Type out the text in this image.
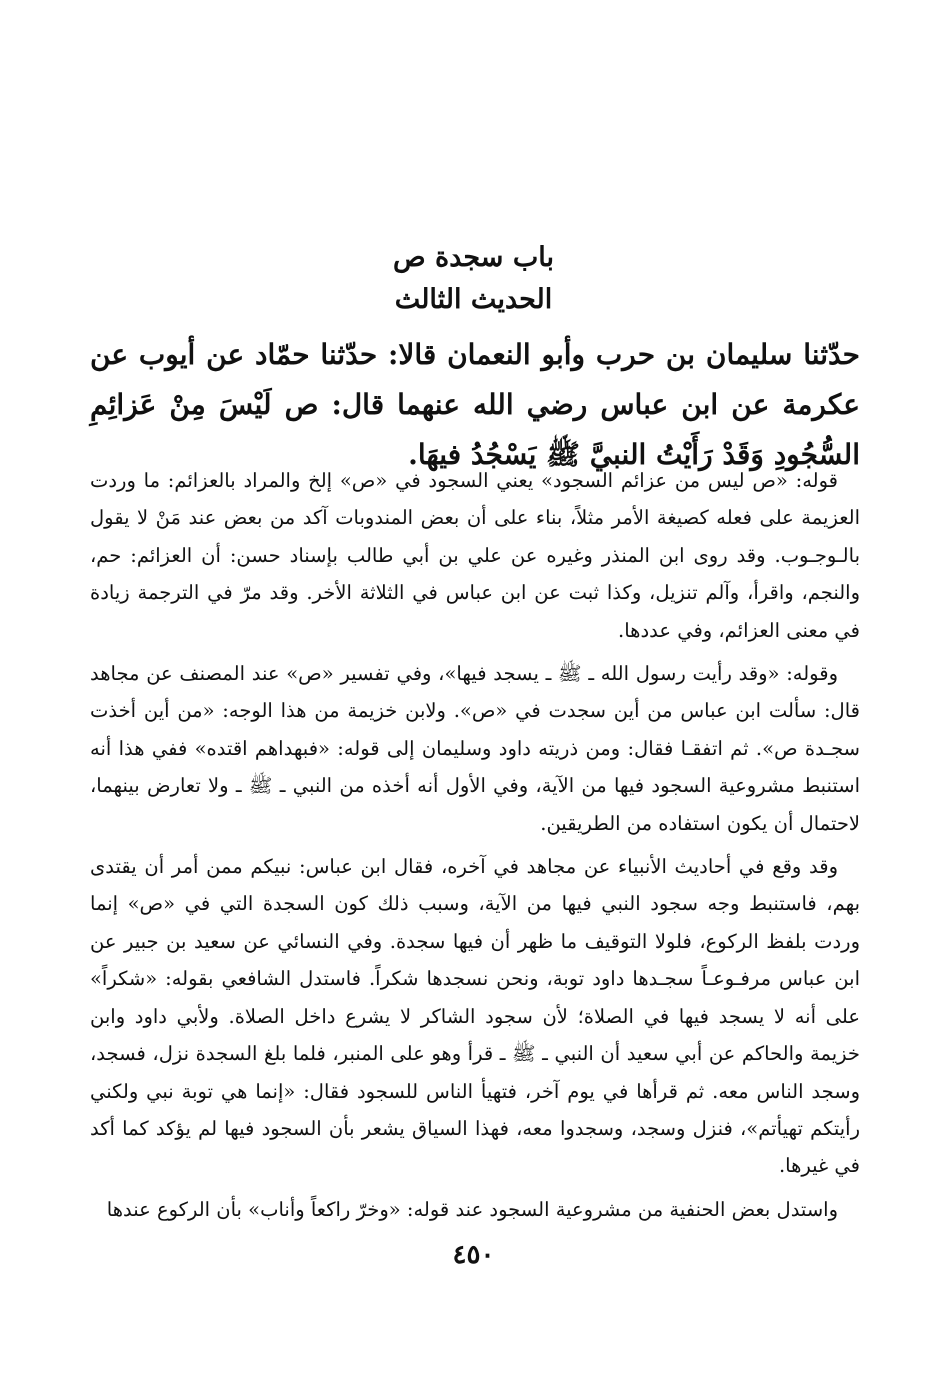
باب سجدة ص
الحديث الثالث

حدّثنا سليمان بن حرب وأبو النعمان قالا: حدّثنا حمّاد عن أيوب عن عكرمة عن ابن عباس رضي الله عنهما قال: ص لَيْسَ مِنْ عَزائِمِ السُّجُودِ وَقَدْ رَأَيْتُ النبيَّ ﷺ يَسْجُدُ فيهَا.

قوله: «ص ليس من عزائم السجود» يعني السجود في «ص» إلخ والمراد بالعزائم: ما وردت العزيمة على فعله كصيغة الأمر مثلاً، بناء على أن بعض المندوبات آكد من بعض عند مَنْ لا يقول بالـوجـوب. وقد روى ابن المنذر وغيره عن علي بن أبي طالب بإسناد حسن: أن العزائم: حم، والنجم، واقرأ، وآلم تنزيل، وكذا ثبت عن ابن عباس في الثلاثة الأخر. وقد مرّ في الترجمة زيادة في معنى العزائم، وفي عددها.

وقوله: «وقد رأيت رسول الله ـ ﷺ ـ يسجد فيها»، وفي تفسير «ص» عند المصنف عن مجاهد قال: سألت ابن عباس من أين سجدت في «ص». ولابن خزيمة من هذا الوجه: «من أين أخذت سجـدة ص». ثم اتفقـا فقال: ومن ذريته داود وسليمان إلى قوله: «فبهداهم اقتده» ففي هذا أنه استنبط مشروعية السجود فيها من الآية، وفي الأول أنه أخذه من النبي ـ ﷺ ـ ولا تعارض بينهما، لاحتمال أن يكون استفاده من الطريقين.

وقد وقع في أحاديث الأنبياء عن مجاهد في آخره، فقال ابن عباس: نبيكم ممن أمر أن يقتدى بهم، فاستنبط وجه سجود النبي فيها من الآية، وسبب ذلك كون السجدة التي في «ص» إنما وردت بلفظ الركوع، فلولا التوقيف ما ظهر أن فيها سجدة. وفي النسائي عن سعيد بن جبير عن ابن عباس مرفـوعـاً سجـدها داود توبة، ونحن نسجدها شكراً. فاستدل الشافعي بقوله: «شكراً» على أنه لا يسجد فيها في الصلاة؛ لأن سجود الشاكر لا يشرع داخل الصلاة. ولأبي داود وابن خزيمة والحاكم عن أبي سعيد أن النبي ـ ﷺ ـ قرأ وهو على المنبر، فلما بلغ السجدة نزل، فسجد، وسجد الناس معه. ثم قرأها في يوم آخر، فتهيأ الناس للسجود فقال: «إنما هي توبة نبي ولكني رأيتكم تهيأتم»، فنزل وسجد، وسجدوا معه، فهذا السياق يشعر بأن السجود فيها لم يؤكد كما أكد في غيرها.

واستدل بعض الحنفية من مشروعية السجود عند قوله: «وخرّ راكعاً وأناب» بأن الركوع عندها

٤٥٠
